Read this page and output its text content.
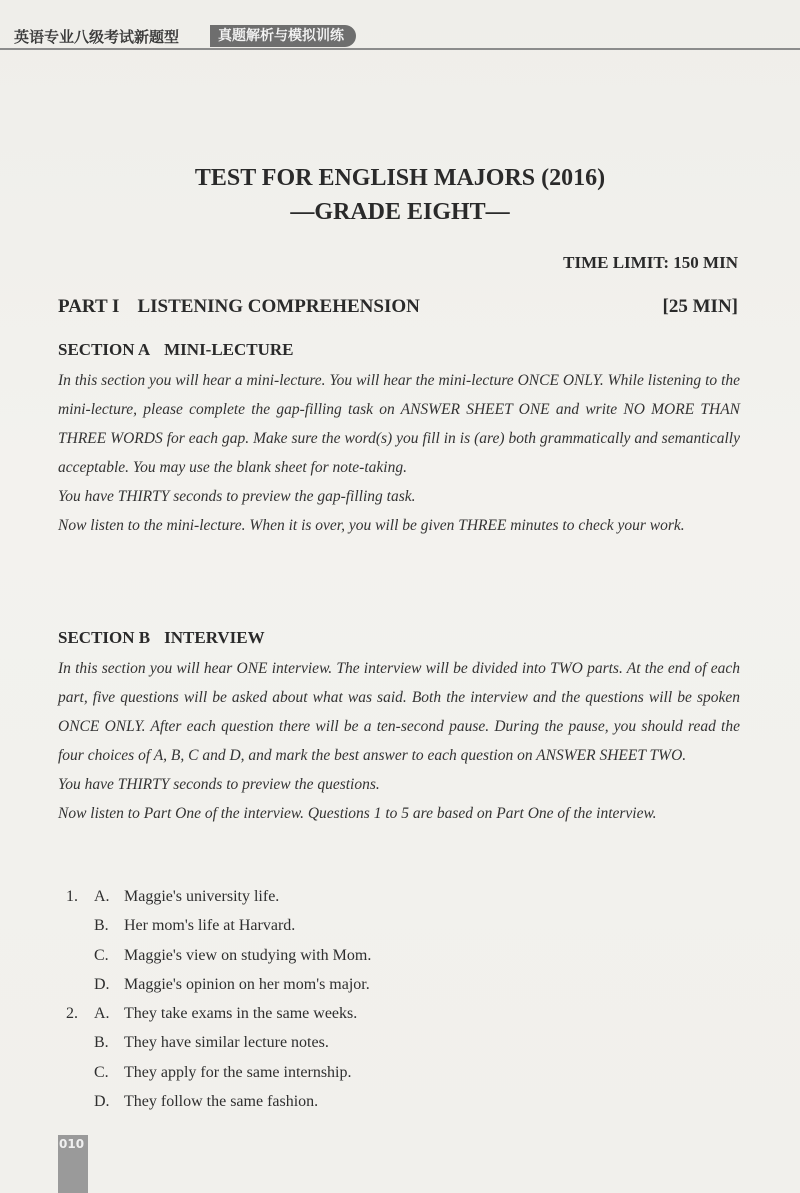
英语专业八级考试新题型	真题解析与模拟训练
TEST FOR ENGLISH MAJORS (2016)
—GRADE EIGHT—
TIME LIMIT: 150 MIN
PART I LISTENING COMPREHENSION	[25 MIN]
SECTION A MINI-LECTURE

In this section you will hear a mini-lecture. You will hear the mini-lecture ONCE ONLY. While listening to the mini-lecture, please complete the gap-filling task on ANSWER SHEET ONE and write NO MORE THAN THREE WORDS for each gap. Make sure the word(s) you fill in is (are) both grammatically and semantically acceptable. You may use the blank sheet for note-taking.

You have THIRTY seconds to preview the gap-filling task.

Now listen to the mini-lecture. When it is over, you will be given THREE minutes to check your work.

SECTION B INTERVIEW

In this section you will hear ONE interview. The interview will be divided into TWO parts. At the end of each part, five questions will be asked about what was said. Both the interview and the questions will be spoken ONCE ONLY. After each question there will be a ten-second pause. During the pause, you should read the four choices of A, B, C and D, and mark the best answer to each question on ANSWER SHEET TWO.

You have THIRTY seconds to preview the questions.

Now listen to Part One of the interview. Questions 1 to 5 are based on Part One of the interview.

1. A. Maggie's university life.
B. Her mom's life at Harvard.
C. Maggie's view on studying with Mom.
D. Maggie's opinion on her mom's major.
2. A. They take exams in the same weeks.
B. They have similar lecture notes.
C. They apply for the same internship.
D. They follow the same fashion.
010
